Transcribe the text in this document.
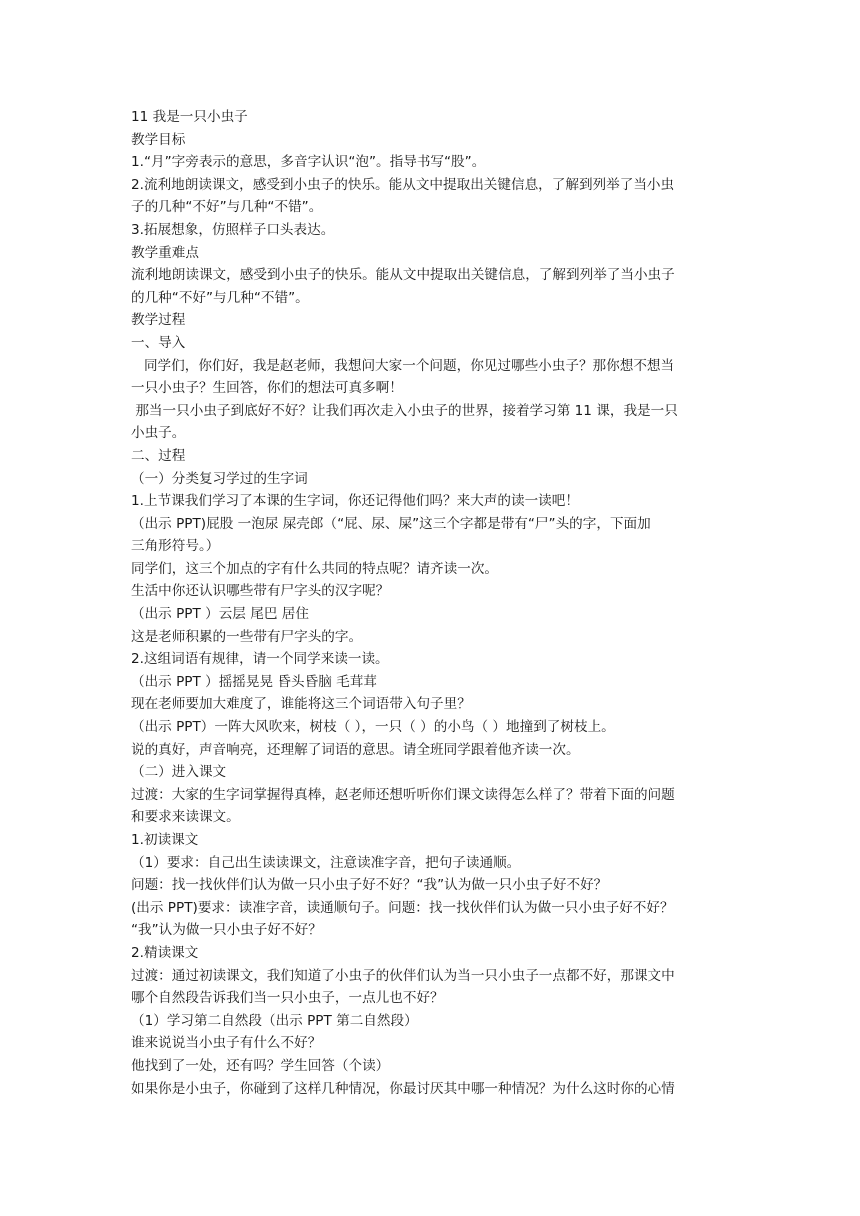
11 我是一只小虫子
教学目标
1.“月”字旁表示的意思，多音字认识“泡”。指导书写“股”。
2.流利地朗读课文，感受到小虫子的快乐。能从文中提取出关键信息，了解到列举了当小虫
子的几种“不好”与几种“不错”。
3.拓展想象，仿照样子口头表达。
教学重难点
流利地朗读课文，感受到小虫子的快乐。能从文中提取出关键信息，了解到列举了当小虫子
的几种“不好”与几种“不错”。
教学过程
一、导入
同学们，你们好，我是赵老师，我想问大家一个问题，你见过哪些小虫子？那你想不想当
一只小虫子？生回答，你们的想法可真多啊！
那当一只小虫子到底好不好？让我们再次走入小虫子的世界，接着学习第 11 课，我是一只
小虫子。
二、过程
（一）分类复习学过的生字词
1.上节课我们学习了本课的生字词，你还记得他们吗？来大声的读一读吧！
（出示 PPT)屁股 一泡尿 屎壳郎（“屁、尿、屎”这三个字都是带有“尸”头的字，下面加
三角形符号。）
同学们，这三个加点的字有什么共同的特点呢？请齐读一次。
生活中你还认识哪些带有尸字头的汉字呢？
（出示 PPT ）云层 尾巴 居住
这是老师积累的一些带有尸字头的字。
2.这组词语有规律，请一个同学来读一读。
（出示 PPT ）摇摇晃晃 昏头昏脑 毛茸茸
现在老师要加大难度了，谁能将这三个词语带入句子里？
（出示 PPT）一阵大风吹来，树枝（ ），一只（ ）的小鸟（ ）地撞到了树枝上。
说的真好，声音响亮，还理解了词语的意思。请全班同学跟着他齐读一次。
（二）进入课文
过渡：大家的生字词掌握得真棒，赵老师还想听听你们课文读得怎么样了？带着下面的问题
和要求来读课文。
1.初读课文
（1）要求：自己出生读读课文，注意读准字音，把句子读通顺。
问题：找一找伙伴们认为做一只小虫子好不好？“我”认为做一只小虫子好不好？
(出示 PPT)要求：读准字音，读通顺句子。问题：找一找伙伴们认为做一只小虫子好不好？
“我”认为做一只小虫子好不好？
2.精读课文
过渡：通过初读课文，我们知道了小虫子的伙伴们认为当一只小虫子一点都不好，那课文中
哪个自然段告诉我们当一只小虫子，一点儿也不好？
（1）学习第二自然段（出示 PPT 第二自然段）
谁来说说当小虫子有什么不好？
他找到了一处，还有吗？学生回答（个读）
如果你是小虫子，你碰到了这样几种情况，你最讨厌其中哪一种情况？为什么这时你的心情
